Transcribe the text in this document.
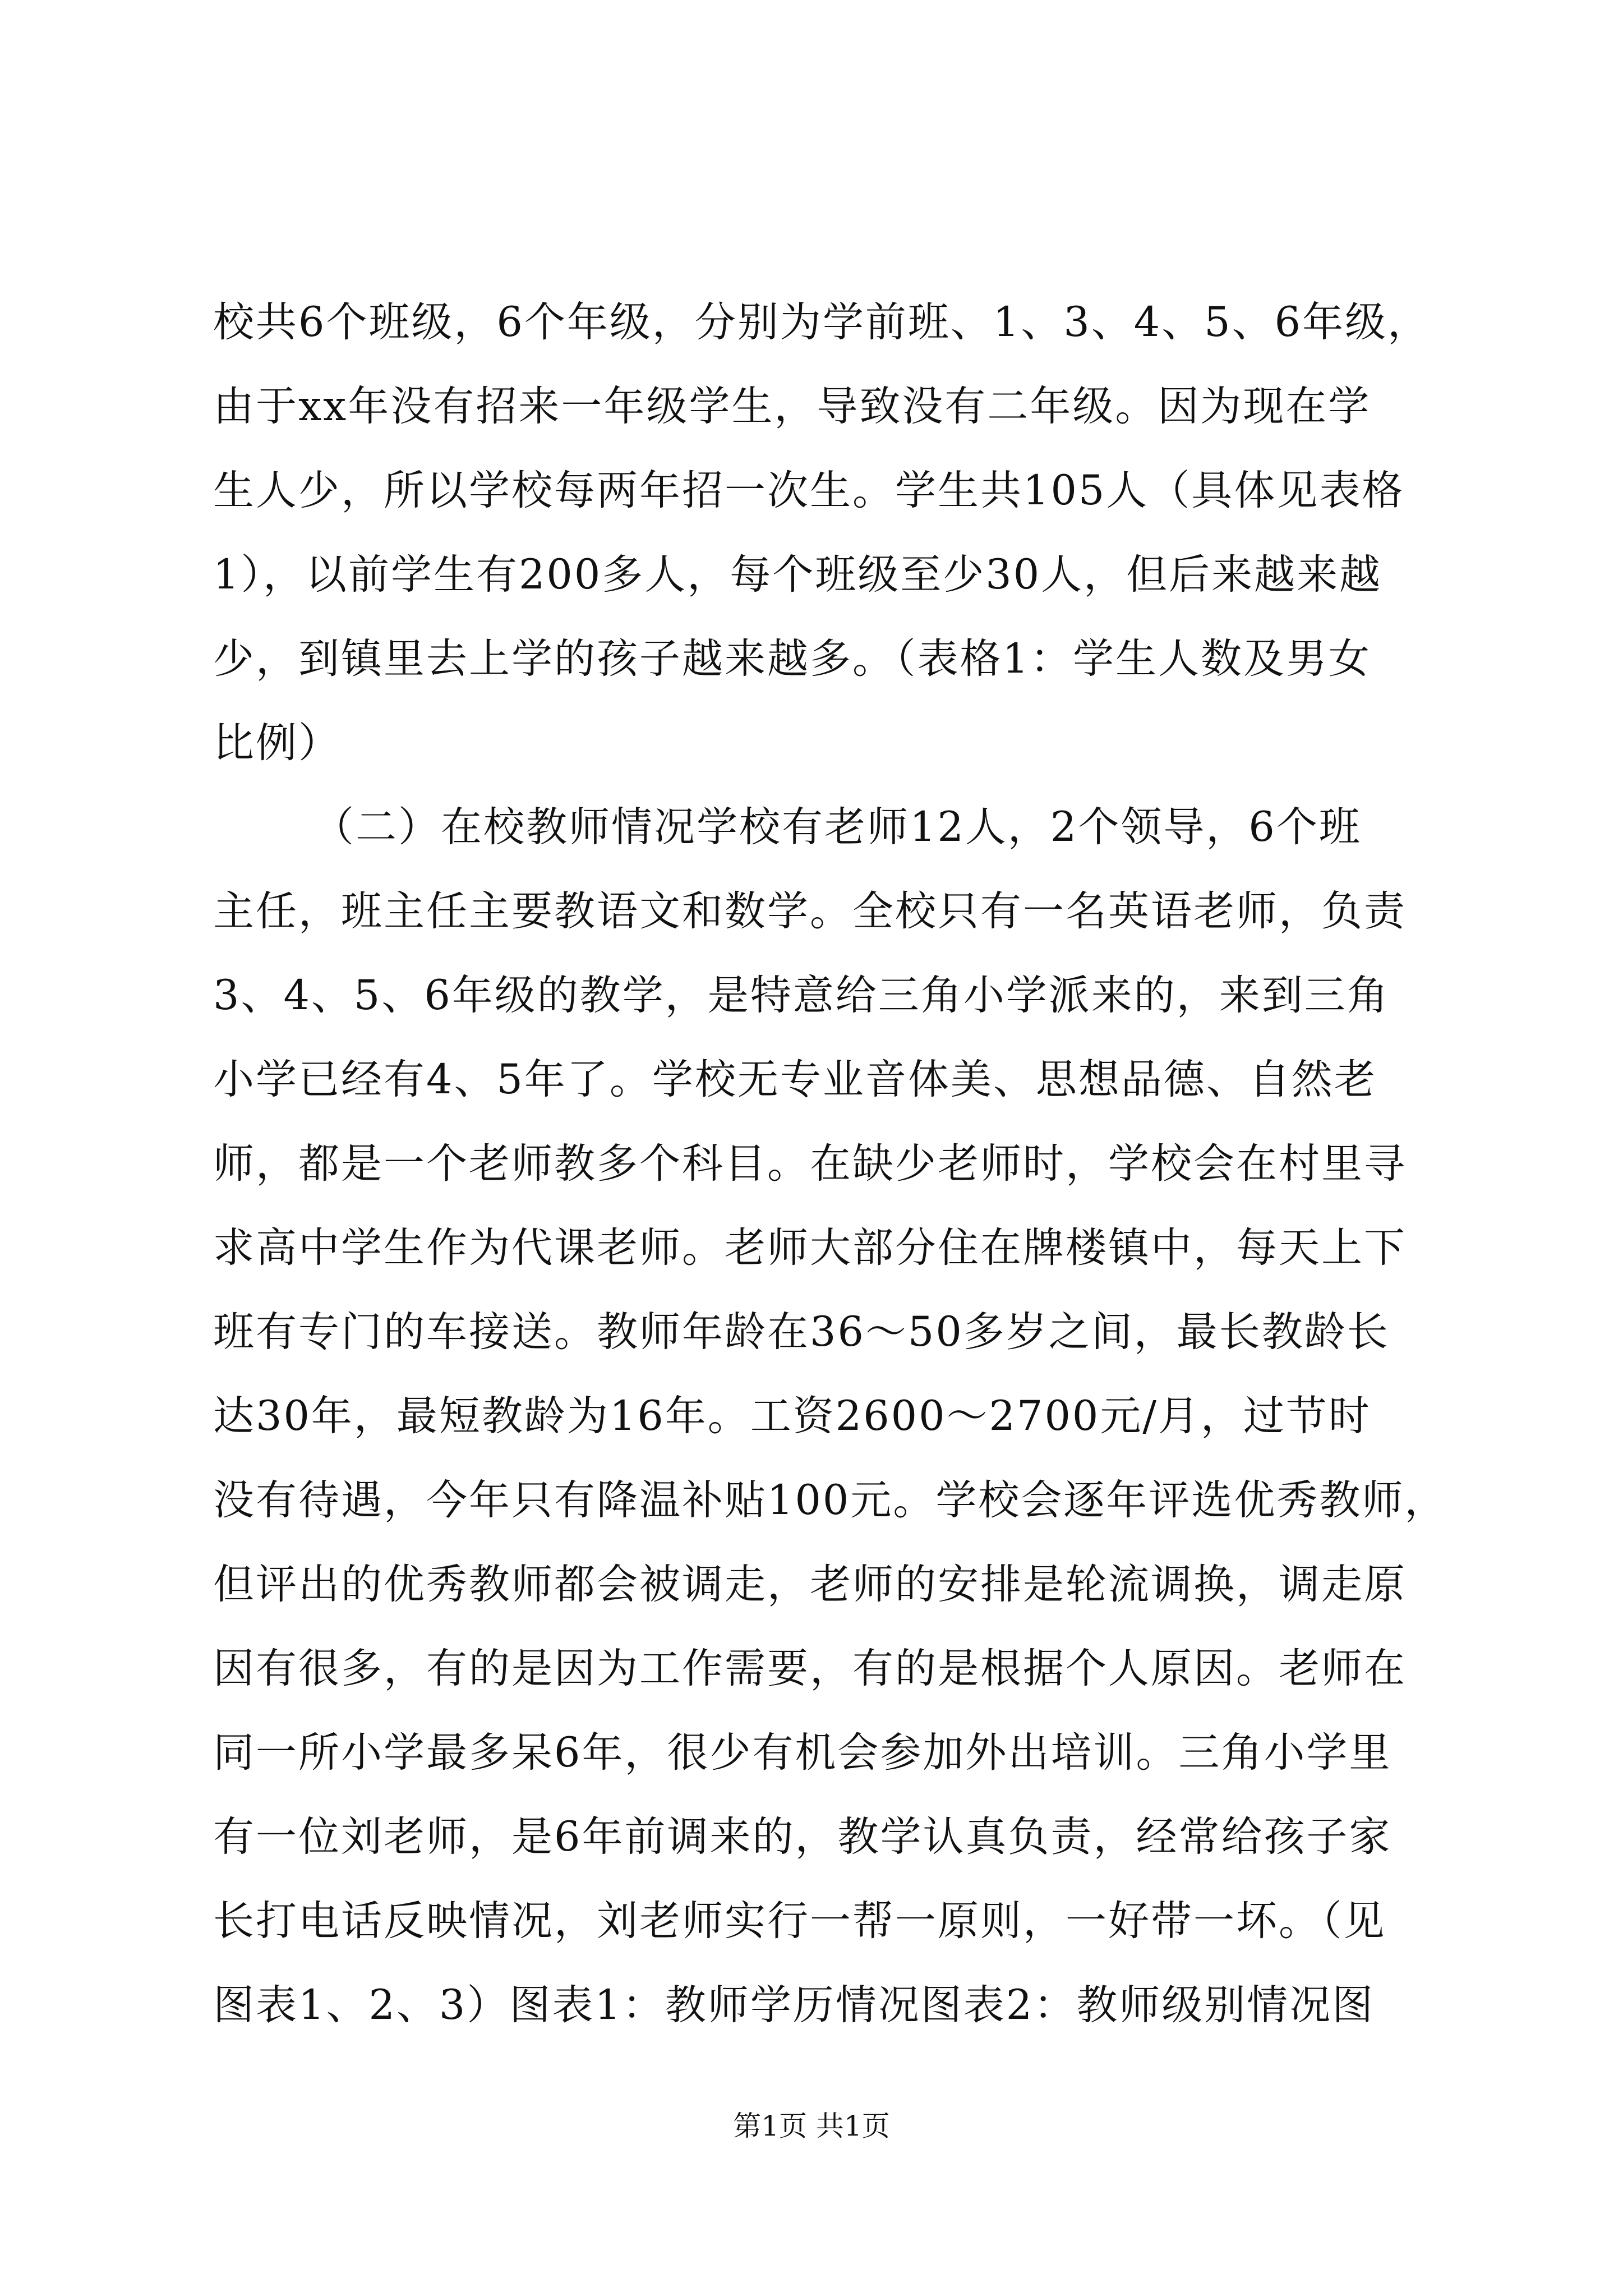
校共6个班级，6个年级，分别为学前班、1、3、4、5、6年级，
由于xx年没有招来一年级学生，导致没有二年级。因为现在学
生人少，所以学校每两年招一次生。学生共105人（具体见表格
1），以前学生有200多人，每个班级至少30人，但后来越来越
少，到镇里去上学的孩子越来越多。（表格1：学生人数及男女
比例）
（二）在校教师情况学校有老师12人，2个领导，6个班
主任，班主任主要教语文和数学。全校只有一名英语老师，负责
3、4、5、6年级的教学，是特意给三角小学派来的，来到三角
小学已经有4、5年了。学校无专业音体美、思想品德、自然老
师，都是一个老师教多个科目。在缺少老师时，学校会在村里寻
求高中学生作为代课老师。老师大部分住在牌楼镇中，每天上下
班有专门的车接送。教师年龄在36～50多岁之间，最长教龄长
达30年，最短教龄为16年。工资2600～2700元/月，过节时
没有待遇，今年只有降温补贴100元。学校会逐年评选优秀教师，
但评出的优秀教师都会被调走，老师的安排是轮流调换，调走原
因有很多，有的是因为工作需要，有的是根据个人原因。老师在
同一所小学最多呆6年，很少有机会参加外出培训。三角小学里
有一位刘老师，是6年前调来的，教学认真负责，经常给孩子家
长打电话反映情况，刘老师实行一帮一原则，一好带一坏。（见
图表1、2、3）图表1：教师学历情况图表2：教师级别情况图
第1页 共1页
